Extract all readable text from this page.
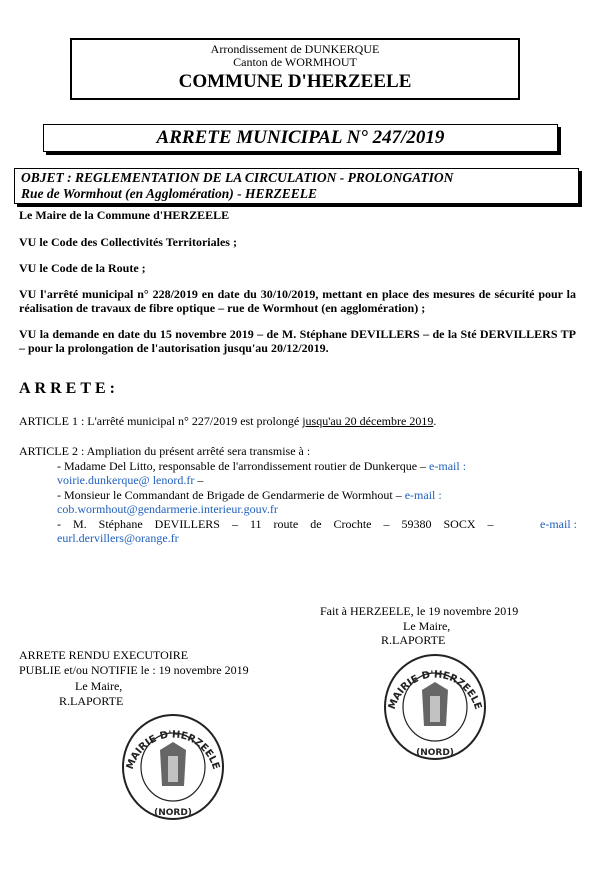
Arrondissement de DUNKERQUE
Canton de WORMHOUT
COMMUNE D'HERZEELE
ARRETE MUNICIPAL N° 247/2019
OBJET : REGLEMENTATION DE LA CIRCULATION - PROLONGATION
Rue de Wormhout (en Agglomération) - HERZEELE
Le Maire de la Commune d'HERZEELE
VU le Code des Collectivités Territoriales ;
VU le Code de la Route ;
VU l'arrêté municipal n° 228/2019 en date du 30/10/2019, mettant en place des mesures de sécurité pour la réalisation de travaux de fibre optique – rue de Wormhout (en agglomération) ;
VU la demande en date du 15 novembre 2019 – de M. Stéphane DEVILLERS – de la Sté DERVILLERS TP – pour la prolongation de l'autorisation jusqu'au 20/12/2019.
ARRETE:
ARTICLE 1 : L'arrêté municipal n° 227/2019 est prolongé jusqu'au 20 décembre 2019.
ARTICLE 2 : Ampliation du présent arrêté sera transmise à :
- Madame Del Litto, responsable de l'arrondissement routier de Dunkerque – e-mail :
voirie.dunkerque@ lenord.fr –
- Monsieur le Commandant de Brigade de Gendarmerie de Wormhout – e-mail :
cob.wormhout@gendarmerie.interieur.gouv.fr
- M. Stéphane DEVILLERS – 11 route de Crochte – 59380 SOCX –	e-mail :
eurl.dervillers@orange.fr
Fait à HERZEELE, le 19 novembre 2019
Le Maire,
R.LAPORTE
ARRETE RENDU EXECUTOIRE
PUBLIE et/ou NOTIFIE le : 19 novembre 2019
Le Maire,
R.LAPORTE	MAIRIE D'HERZEELE
(NORD)
MAIRIE D'HERZEELE
(NORD)
